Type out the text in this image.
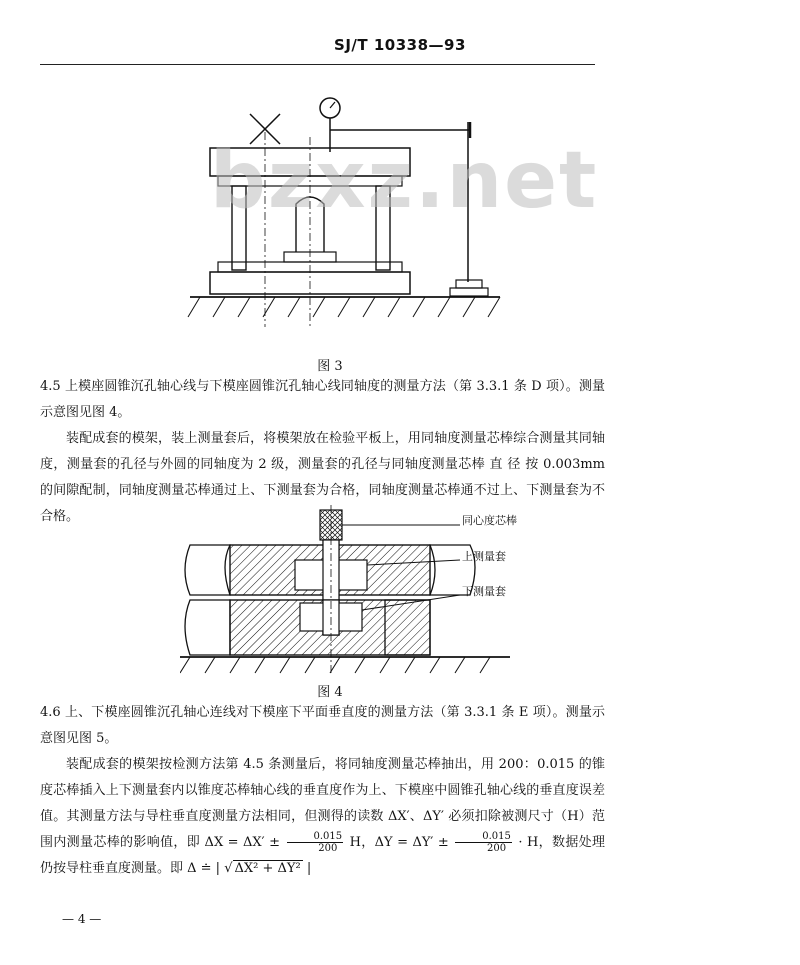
SJ/T 10338—93
bzxz.net
图 3
4.5 上模座圆锥沉孔轴心线与下模座圆锥沉孔轴心线同轴度的测量方法（第 3.3.1 条 D 项）。测量示意图见图 4。
装配成套的模架，装上测量套后，将模架放在检验平板上，用同轴度测量芯棒综合测量其同轴度，测量套的孔径与外圆的同轴度为 2 级，测量套的孔径与同轴度测量芯棒 直 径 按 0.003mm 的间隙配制，同轴度测量芯棒通过上、下测量套为合格，同轴度测量芯棒通不过上、下测量套为不合格。	同心度芯棒
上测量套
下测量套
图 4
4.6 上、下模座圆锥沉孔轴心连线对下模座下平面垂直度的测量方法（第 3.3.1 条 E 项）。测量示意图见图 5。
装配成套的模架按检测方法第 4.5 条测量后，将同轴度测量芯棒抽出，用 200：0.015 的锥度芯棒插入上下测量套内以锥度芯棒轴心线的垂直度作为上、下模座中圆锥孔轴心线的垂直度误差值。其测量方法与导柱垂直度测量方法相同，但测得的读数 ΔX′、ΔY′ 必须扣除被测尺寸（H）范围内测量芯棒的影响值，即 $\Delta X = \Delta X' \pm \frac{0.015}{200}$ H，$\Delta Y = \Delta Y' \pm \frac{0.015}{200} \cdot H$，数据处理仍按导柱垂直度测量。即 Δ ≐ | √ ΔX² + ΔY² |
— 4 —
